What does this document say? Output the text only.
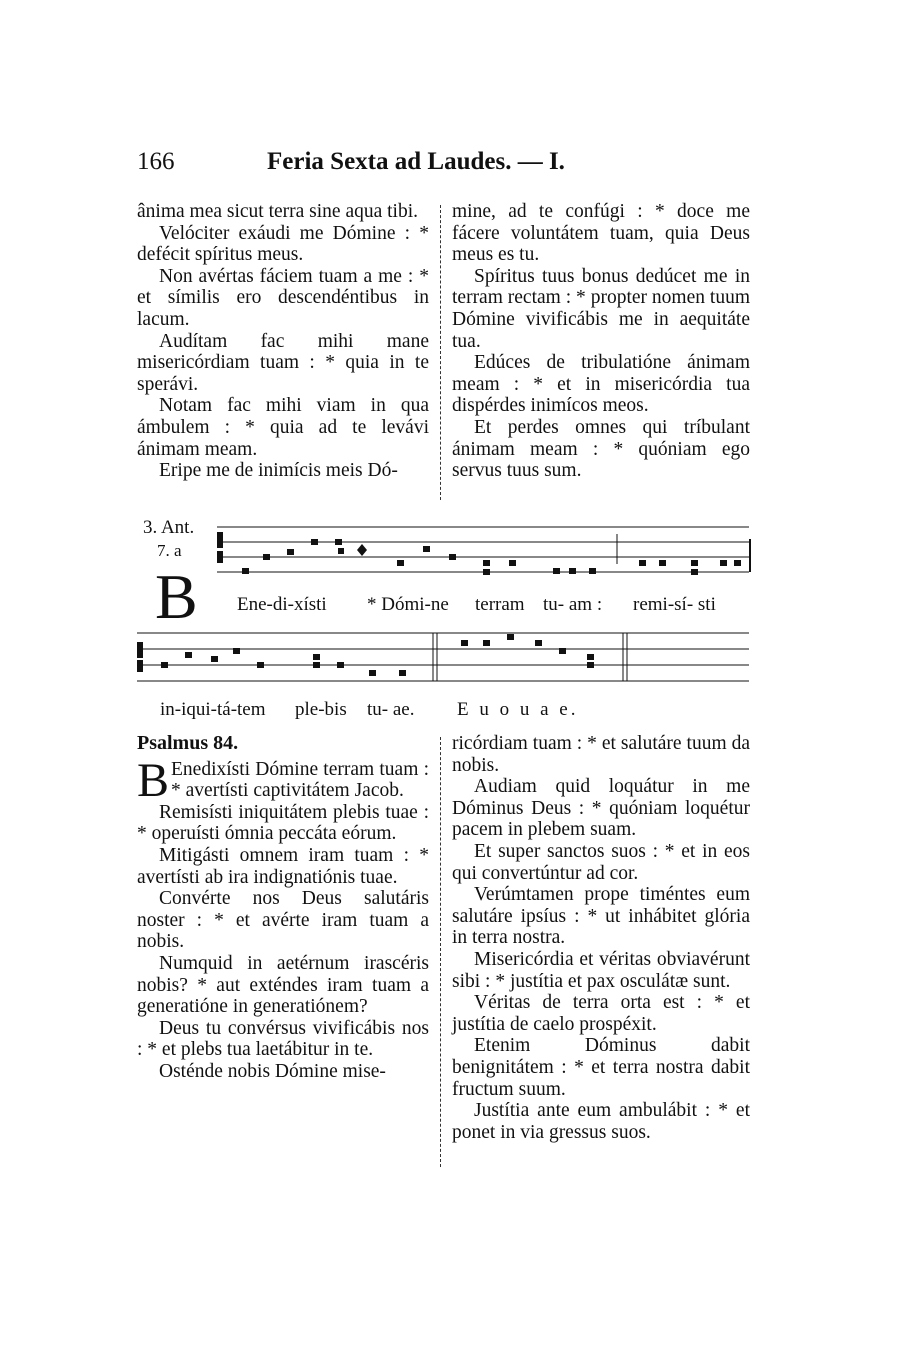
166	Feria Sexta ad Laudes. — I.

ânima mea sicut terra sine aqua tibi.

Velóciter exáudi me Dómine : * defécit spíritus meus.

Non avértas fáciem tuam a me : * et símilis ero descendéntibus in lacum.

Audítam fac mihi mane misericórdiam tuam : * quia in te sperávi.

Notam fac mihi viam in qua ámbulem : * quia ad te levávi ánimam meam.

Eripe me de inimícis meis Dó-

mine, ad te confúgi : * doce me fácere voluntátem tuam, quia Deus meus es tu.

Spíritus tuus bonus dedúcet me in terram rectam : * propter nomen tuum Dómine vivificábis me in aequitáte tua.

Edúces de tribulatióne ánimam meam : * et in misericórdia tua dispérdes inimícos meos.

Et perdes omnes qui tríbulant ánimam meam : * quóniam ego servus tuus sum.

3. Ant.
7. a
B Ene-di-xísti * Dómi-ne terram tu- am : remi-sí- sti
in-iqui-tá-tem ple-bis tu- ae. E u o u a e.

Psalmus 84.

B Enedixísti Dómine terram tuam : * avertísti captivitátem Jacob.

Remisísti iniquitátem plebis tuae : * operuísti ómnia peccáta eórum.

Mitigásti omnem iram tuam : * avertísti ab ira indignatiónis tuae.

Convérte nos Deus salutáris noster : * et avérte iram tuam a nobis.

Numquid in aetérnum irascéris nobis? * aut exténdes iram tuam a generatióne in generatiónem?

Deus tu convérsus vivificábis nos : * et plebs tua laetábitur in te.

Osténde nobis Dómine mise-

ricórdiam tuam : * et salutáre tuum da nobis.

Audiam quid loquátur in me Dóminus Deus : * quóniam loquétur pacem in plebem suam.

Et super sanctos suos : * et in eos qui convertúntur ad cor.

Verúmtamen prope timéntes eum salutáre ipsíus : * ut inhábitet glória in terra nostra.

Misericórdia et véritas obviavérunt sibi : * justítia et pax osculátæ sunt.

Véritas de terra orta est : * et justítia de caelo prospéxit.

Etenim Dóminus dabit benignitátem : * et terra nostra dabit fructum suum.

Justítia ante eum ambulábit : * et ponet in via gressus suos.
